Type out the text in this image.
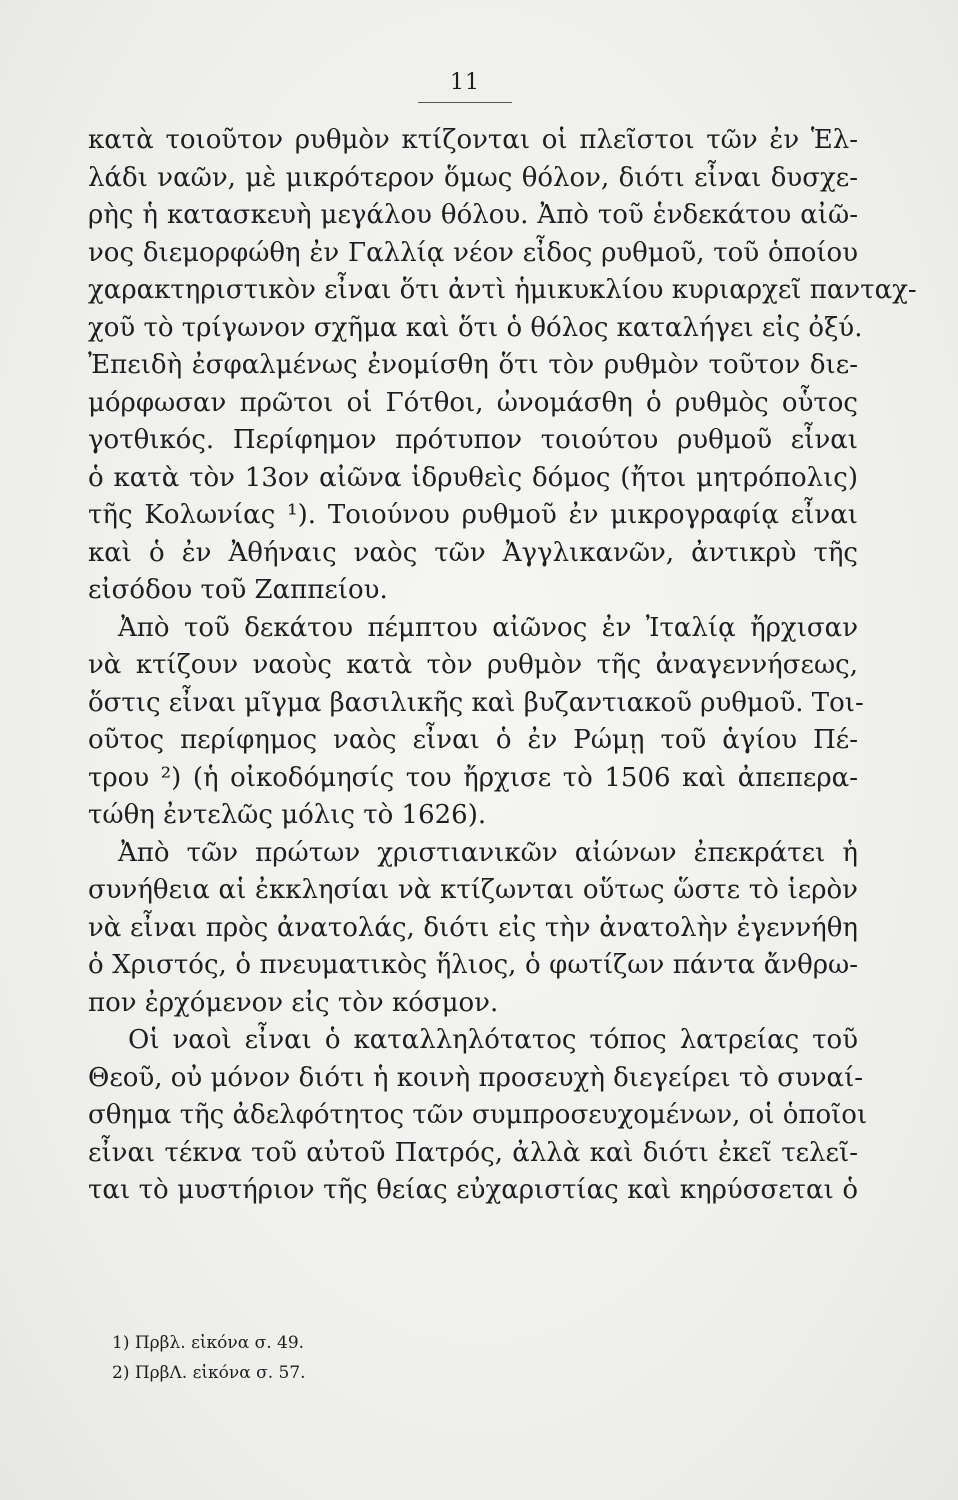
11
κατὰ τοιοῦτον ρυθμὸν κτίζονται οἱ πλεῖστοι τῶν ἐν Ἑλ-
λάδι ναῶν, μὲ μικρότερον ὅμως θόλον, διότι εἶναι δυσχε-
ρὴς ἡ κατασκευὴ μεγάλου θόλου. Ἀπὸ τοῦ ἑνδεκάτου αἰῶ-
νος διεμορφώθη ἐν Γαλλίᾳ νέον εἶδος ρυθμοῦ, τοῦ ὁποίου
χαρακτηριστικὸν εἶναι ὅτι ἀντὶ ἡμικυκλίου κυριαρχεῖ πανταχ-
χοῦ τὸ τρίγωνον σχῆμα καὶ ὅτι ὁ θόλος καταλήγει εἰς ὀξύ.
Ἐπειδὴ ἐσφαλμένως ἐνομίσθη ὅτι τὸν ρυθμὸν τοῦτον διε-
μόρφωσαν πρῶτοι οἱ Γότθοι, ὠνομάσθη ὁ ρυθμὸς οὗτος
γοτθικός. Περίφημον πρότυπον τοιούτου ρυθμοῦ εἶναι
ὁ κατὰ τὸν 13ον αἰῶνα ἱδρυθεὶς δόμος (ἤτοι μητρόπολις)
τῆς Κολωνίας ¹). Τοιούνου ρυθμοῦ ἐν μικρογραφίᾳ εἶναι
καὶ ὁ ἐν Ἀθήναις ναὸς τῶν Ἀγγλικανῶν, ἀντικρὺ τῆς
εἰσόδου τοῦ Ζαππείου.
Ἀπὸ τοῦ δεκάτου πέμπτου αἰῶνος ἐν Ἰταλίᾳ ἤρχισαν
νὰ κτίζουν ναοὺς κατὰ τὸν ρυθμὸν τῆς ἀναγεννήσεως,
ὅστις εἶναι μῖγμα βασιλικῆς καὶ βυζαντιακοῦ ρυθμοῦ. Τοι-
οῦτος περίφημος ναὸς εἶναι ὁ ἐν Ρώμῃ τοῦ ἁγίου Πέ-
τρου ²) (ἡ οἰκοδόμησίς του ἤρχισε τὸ 1506 καὶ ἀπεπερα-
τώθη ἐντελῶς μόλις τὸ 1626).
Ἀπὸ τῶν πρώτων χριστιανικῶν αἰώνων ἐπεκράτει ἡ
συνήθεια αἱ ἐκκλησίαι νὰ κτίζωνται οὕτως ὥστε τὸ ἱερὸν
νὰ εἶναι πρὸς ἀνατολάς, διότι εἰς τὴν ἀνατολὴν ἐγεννήθη
ὁ Χριστός, ὁ πνευματικὸς ἥλιος, ὁ φωτίζων πάντα ἄνθρω-
πον ἐρχόμενον εἰς τὸν κόσμον.
Οἱ ναοὶ εἶναι ὁ καταλληλότατος τόπος λατρείας τοῦ
Θεοῦ, οὐ μόνον διότι ἡ κοινὴ προσευχὴ διεγείρει τὸ συναί-
σθημα τῆς ἀδελφότητος τῶν συμπροσευχομένων, οἱ ὁποῖοι
εἶναι τέκνα τοῦ αὐτοῦ Πατρός, ἀλλὰ καὶ διότι ἐκεῖ τελεῖ-
ται τὸ μυστήριον τῆς θείας εὐχαριστίας καὶ κηρύσσεται ὁ
1) Πρβλ. εἰκόνα σ. 49.
2) ΠρβΛ. εἰκόνα σ. 57.
